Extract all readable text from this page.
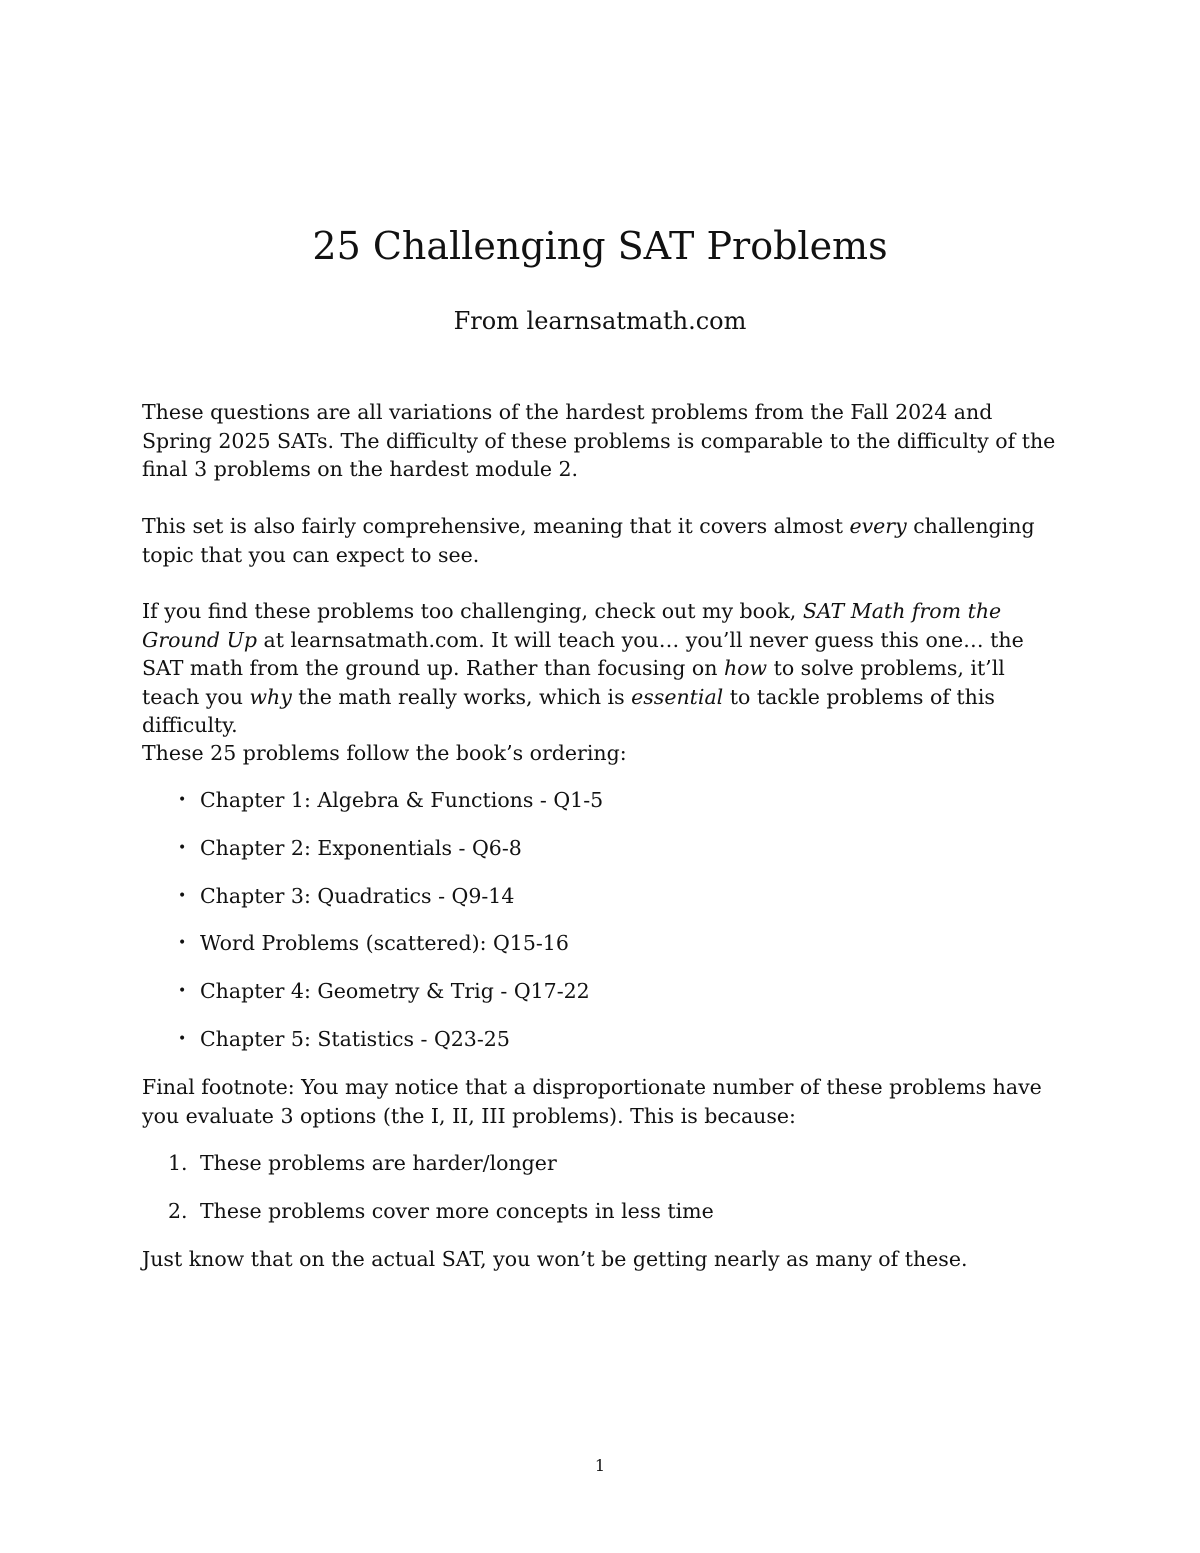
25 Challenging SAT Problems
From learnsatmath.com

These questions are all variations of the hardest problems from the Fall 2024 and Spring 2025 SATs. The difficulty of these problems is comparable to the difficulty of the final 3 problems on the hardest module 2.

This set is also fairly comprehensive, meaning that it covers almost every challenging topic that you can expect to see.

If you find these problems too challenging, check out my book, SAT Math from the Ground Up at learnsatmath.com. It will teach you… you’ll never guess this one… the SAT math from the ground up. Rather than focusing on how to solve problems, it’ll teach you why the math really works, which is essential to tackle problems of this difficulty.

These 25 problems follow the book’s ordering:

• Chapter 1: Algebra & Functions - Q1-5
• Chapter 2: Exponentials - Q6-8
• Chapter 3: Quadratics - Q9-14
• Word Problems (scattered): Q15-16
• Chapter 4: Geometry & Trig - Q17-22
• Chapter 5: Statistics - Q23-25

Final footnote: You may notice that a disproportionate number of these problems have you evaluate 3 options (the I, II, III problems). This is because:

1. These problems are harder/longer
2. These problems cover more concepts in less time

Just know that on the actual SAT, you won’t be getting nearly as many of these.

1
